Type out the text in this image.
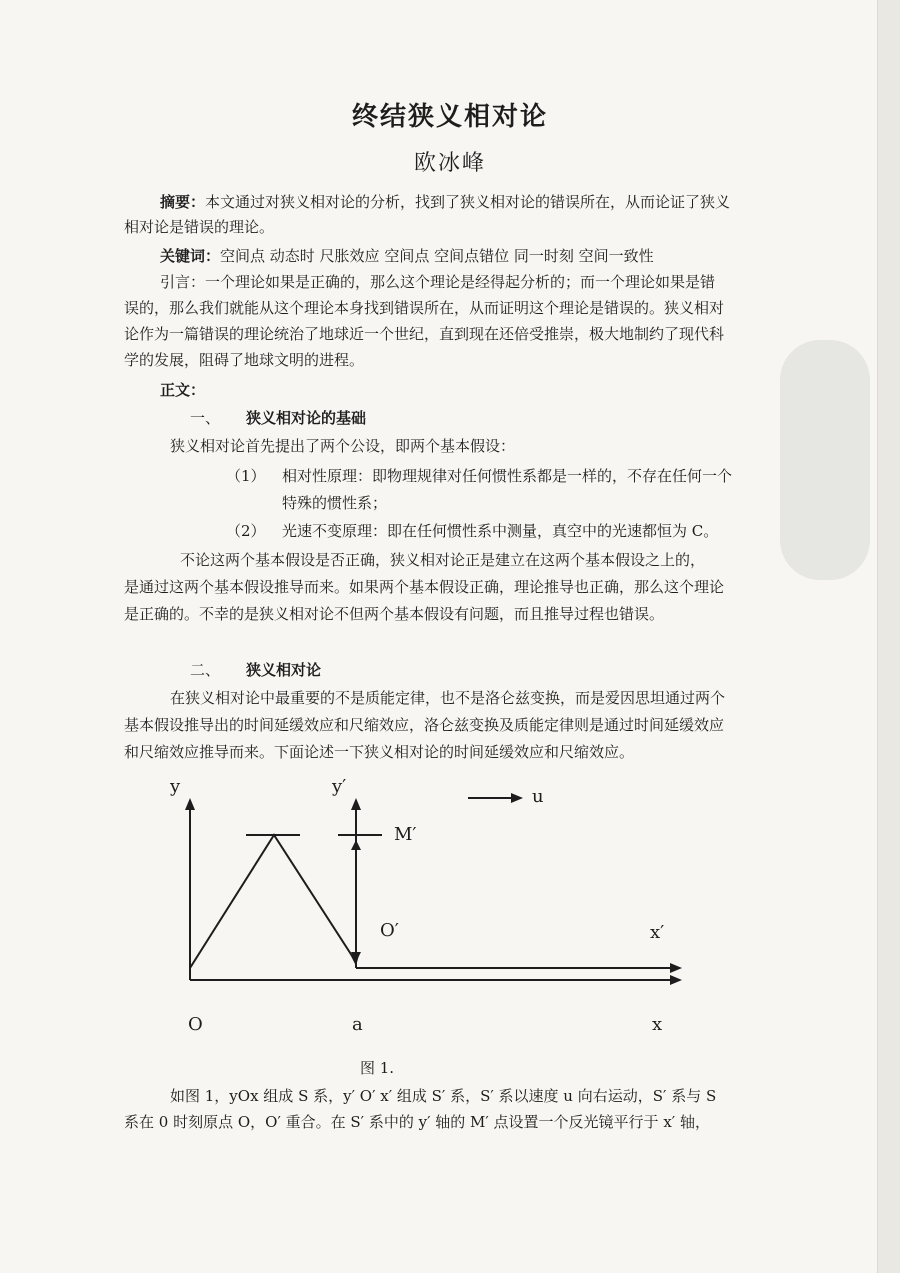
终结狭义相对论
欧冰峰

摘要：本文通过对狭义相对论的分析，找到了狭义相对论的错误所在，从而论证了狭义

相对论是错误的理论。

关键词：空间点 动态时 尺胀效应 空间点 空间点错位 同一时刻 空间一致性

引言：一个理论如果是正确的，那么这个理论是经得起分析的；而一个理论如果是错

误的，那么我们就能从这个理论本身找到错误所在，从而证明这个理论是错误的。狭义相对

论作为一篇错误的理论统治了地球近一个世纪，直到现在还倍受推崇，极大地制约了现代科

学的发展，阻碍了地球文明的进程。

正文：

一、 狭义相对论的基础

狭义相对论首先提出了两个公设，即两个基本假设：

（1） 相对性原理：即物理规律对任何惯性系都是一样的，不存在任何一个

特殊的惯性系；

（2） 光速不变原理：即在任何惯性系中测量，真空中的光速都恒为 C。

不论这两个基本假设是否正确，狭义相对论正是建立在这两个基本假设之上的，

是通过这两个基本假设推导而来。如果两个基本假设正确，理论推导也正确，那么这个理论

是正确的。不幸的是狭义相对论不但两个基本假设有问题，而且推导过程也错误。

二、 狭义相对论

在狭义相对论中最重要的不是质能定律，也不是洛仑兹变换，而是爱因思坦通过两个

基本假设推导出的时间延缓效应和尺缩效应，洛仑兹变换及质能定律则是通过时间延缓效应

和尺缩效应推导而来。下面论述一下狭义相对论的时间延缓效应和尺缩效应。

y	y′	u
M′
O′	x′
O	a	x
图 1.

如图 1，yOx 组成 S 系，y′ O′ x′ 组成 S′ 系，S′ 系以速度 u 向右运动，S′ 系与 S

系在 0 时刻原点 O，O′ 重合。在 S′ 系中的 y′ 轴的 M′ 点设置一个反光镜平行于 x′ 轴，
